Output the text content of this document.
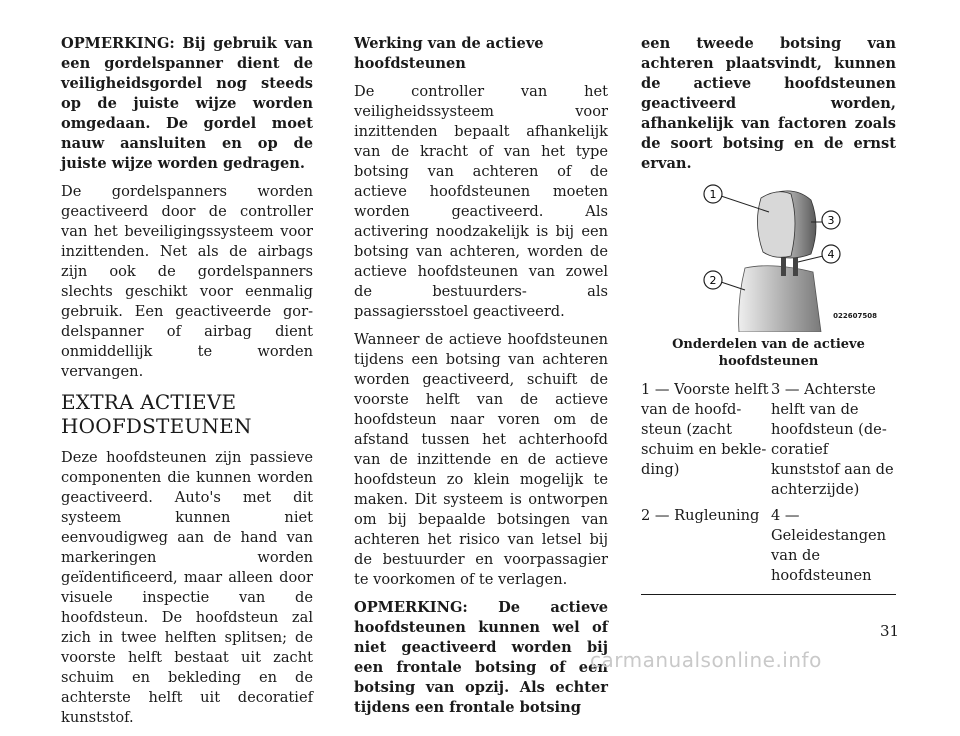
OPMERKING: Bij gebruik van een gordelspanner dient de veiligheidsgordel nog steeds op de juiste wijze worden omgedaan. De gordel moet nauw aansluiten en op de juiste wijze worden gedragen.

De gordelspanners worden geactiveerd door de controller van het beveiligingssysteem voor inzittenden. Net als de airbags zijn ook de gordelspanners slechts geschikt voor eenmalig gebruik. Een geactiveerde gordelspanner of airbag dient onmiddellijk te worden vervangen.

EXTRA ACTIEVE HOOFDSTEUNEN

Deze hoofdsteunen zijn passieve componenten die kunnen worden geactiveerd. Auto's met dit systeem kunnen niet eenvoudigweg aan de hand van markeringen worden geïdentificeerd, maar alleen door visuele inspectie van de hoofdsteun. De hoofdsteun zal zich in twee helften splitsen; de voorste helft bestaat uit zacht schuim en bekleding en de achterste helft uit decoratief kunststof.

Werking van de actieve hoofdsteunen

De controller van het veiligheidssysteem voor inzittenden bepaalt afhankelijk van de kracht of van het type botsing van achteren of de actieve hoofdsteunen moeten worden geactiveerd. Als activering noodzakelijk is bij een botsing van achteren, worden de actieve hoofdsteunen van zowel de bestuurders- als passagiersstoel geactiveerd.

Wanneer de actieve hoofdsteunen tijdens een botsing van achteren worden geactiveerd, schuift de voorste helft van de actieve hoofdsteun naar voren om de afstand tussen het achterhoofd van de inzittende en de actieve hoofdsteun zo klein mogelijk te maken. Dit systeem is ontworpen om bij bepaalde botsingen van achteren het risico van letsel bij de bestuurder en voorpassagier te voorkomen of te verlagen.

OPMERKING: De actieve hoofdsteunen kunnen wel of niet geactiveerd worden bij een frontale botsing of een botsing van opzij. Als echter tijdens een frontale botsing

een tweede botsing van achteren plaatsvindt, kunnen de actieve hoofdsteunen geactiveerd worden, afhankelijk van factoren zoals de soort botsing en de ernst ervan.

1
3
4
2
022607508
Onderdelen van de actieve hoofdsteunen
1 — Voorste helft van de hoofdsteun (zacht schuim en bekleding)
3 — Achterste helft van de hoofdsteun (decoratief kunststof aan de achterzijde)
2 — Rugleuning 4 — Geleidestangen van de hoofdsteunen
31
carmanualsonline.info
